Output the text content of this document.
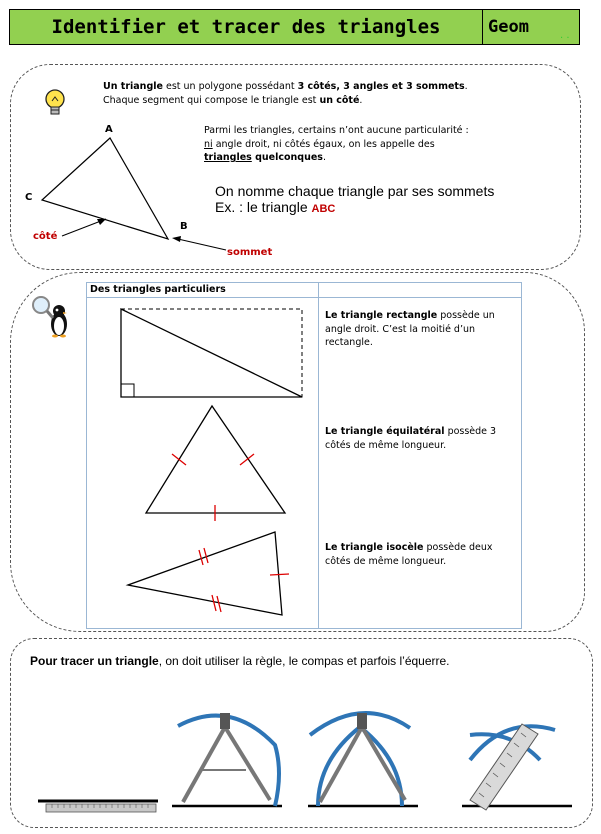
Identifier et tracer des triangles	Geom	. .
Un triangle est un polygone possédant 3 côtés, 3 angles et 3 sommets.
Chaque segment qui compose le triangle est un côté.
A
B
C
côté
sommet
Parmi les triangles, certains n’ont aucune particularité :
ni angle droit, ni côtés égaux, on les appelle des
triangles quelconques.
On nomme chaque triangle par ses sommets
Ex. : le triangle ABC
Des triangles particuliers
Le triangle rectangle possède un angle droit. C’est la moitié d’un rectangle.
Le triangle équilatéral possède 3 côtés de même longueur.
Le triangle isocèle possède deux côtés de même longueur.
Pour tracer un triangle, on doit utiliser la règle, le compas et parfois l’équerre.
